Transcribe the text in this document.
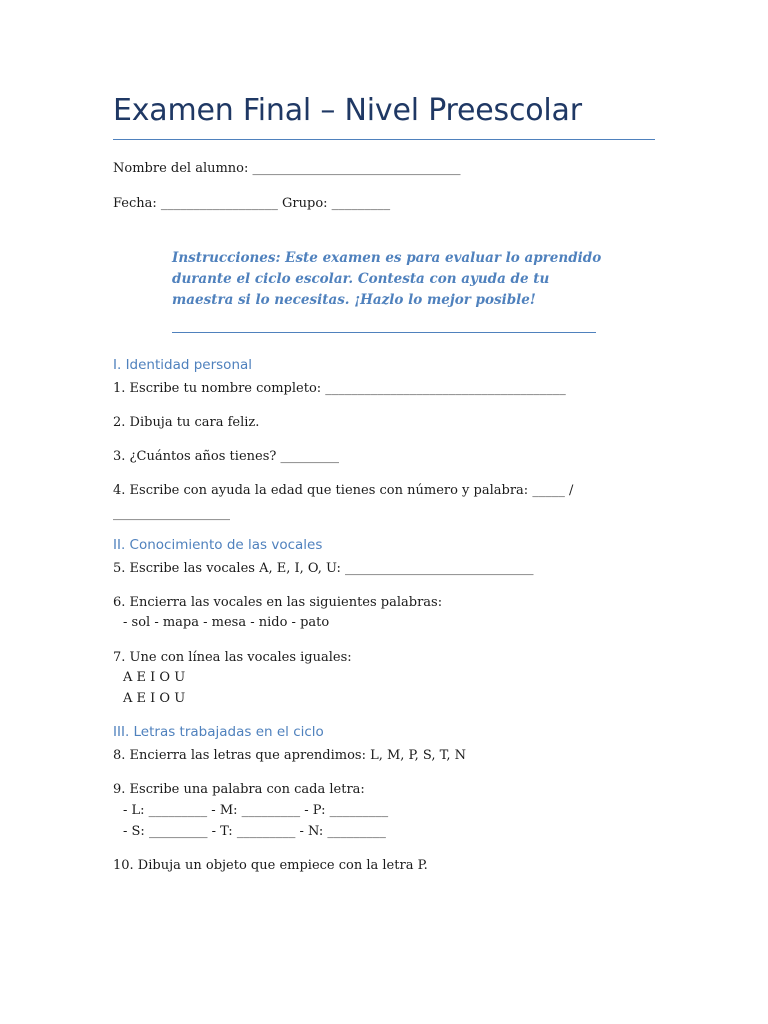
Examen Final – Nivel Preescolar
Nombre del alumno: ________________________________
Fecha: __________________ Grupo: _________
Instrucciones: Este examen es para evaluar lo aprendido durante el ciclo escolar. Contesta con ayuda de tu maestra si lo necesitas. ¡Hazlo lo mejor posible!
I. Identidad personal
1. Escribe tu nombre completo: _____________________________________
2. Dibuja tu cara feliz.
3. ¿Cuántos años tienes? _________
4. Escribe con ayuda la edad que tienes con número y palabra: _____ /
__________________
II. Conocimiento de las vocales
5. Escribe las vocales A, E, I, O, U: _____________________________
6. Encierra las vocales en las siguientes palabras:
- sol - mapa - mesa - nido - pato
7. Une con línea las vocales iguales:
A E I O U
A E I O U
III. Letras trabajadas en el ciclo
8. Encierra las letras que aprendimos: L, M, P, S, T, N
9. Escribe una palabra con cada letra:
- L: _________ - M: _________ - P: _________
- S: _________ - T: _________ - N: _________
10. Dibuja un objeto que empiece con la letra P.
